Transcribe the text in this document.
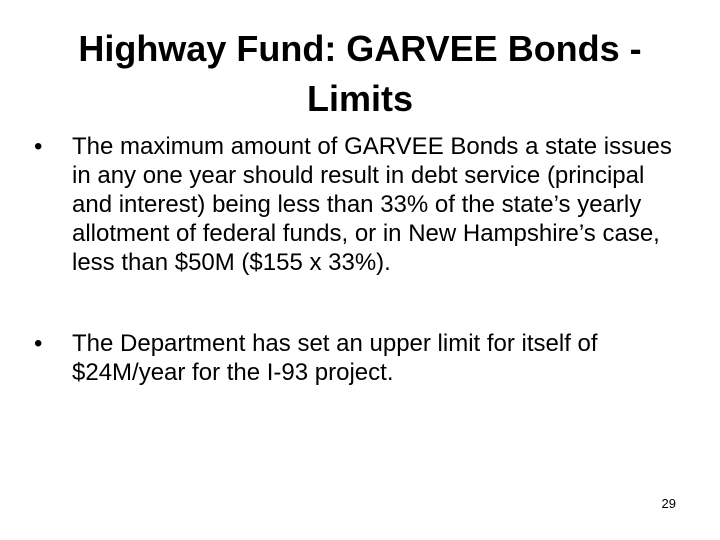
Highway Fund: GARVEE Bonds -
Limits
•	The maximum amount of GARVEE Bonds a state issues in any one year should result in debt service (principal and interest) being less than 33% of the state’s yearly allotment of federal funds, or in New Hampshire’s case, less than $50M ($155 x 33%).
•	The Department has set an upper limit for itself of $24M/year for the I-93 project.
29
